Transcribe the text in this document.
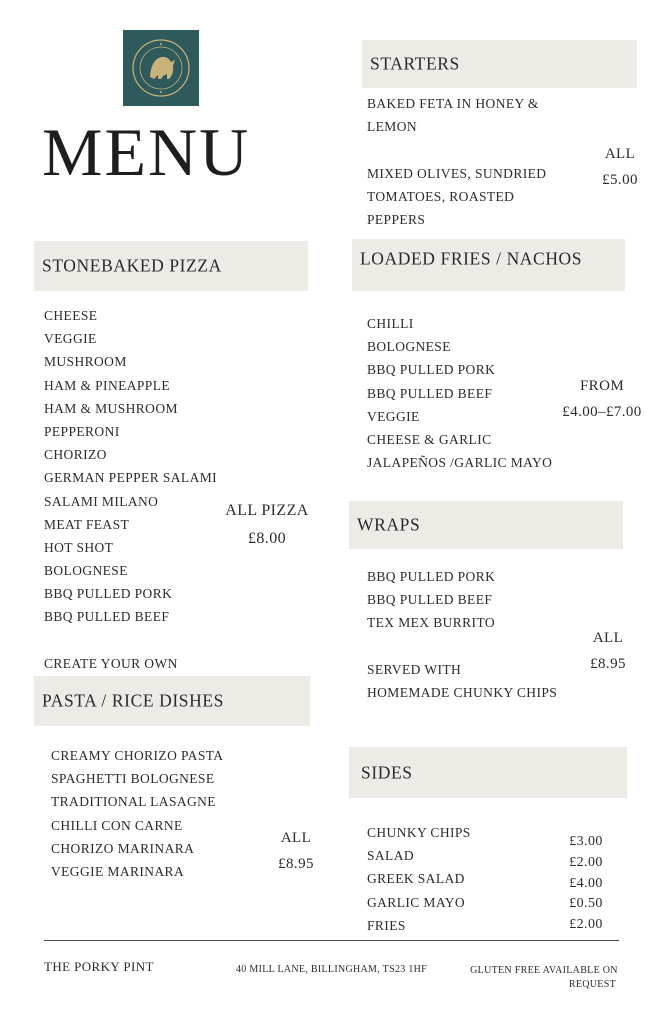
MENU
STARTERS
BAKED FETA IN HONEY &
LEMON
MIXED OLIVES, SUNDRIED
TOMATOES, ROASTED
PEPPERS
ALL
£5.00
STONEBAKED PIZZA
CHEESE
VEGGIE
MUSHROOM
HAM & PINEAPPLE
HAM & MUSHROOM
PEPPERONI
CHORIZO
GERMAN PEPPER SALAMI
SALAMI MILANO
MEAT FEAST
HOT SHOT
BOLOGNESE
BBQ PULLED PORK
BBQ PULLED BEEF
CREATE YOUR OWN
ALL PIZZA
£8.00
LOADED FRIES / NACHOS
CHILLI
BOLOGNESE
BBQ PULLED PORK
BBQ PULLED BEEF
VEGGIE
CHEESE & GARLIC
JALAPEÑOS /GARLIC MAYO
FROM
£4.00–£7.00
WRAPS
BBQ PULLED PORK
BBQ PULLED BEEF
TEX MEX BURRITO
SERVED WITH
HOMEMADE CHUNKY CHIPS
ALL
£8.95
PASTA / RICE DISHES
CREAMY CHORIZO PASTA
SPAGHETTI BOLOGNESE
TRADITIONAL LASAGNE
CHILLI CON CARNE
CHORIZO MARINARA
VEGGIE MARINARA
ALL
£8.95
SIDES
CHUNKY CHIPS
SALAD
GREEK SALAD
GARLIC MAYO
FRIES
£3.00
£2.00
£4.00
£0.50
£2.00
THE PORKY PINT	40 MILL LANE, BILLINGHAM, TS23 1HF	GLUTEN FREE AVAILABLE ON
REQUEST
